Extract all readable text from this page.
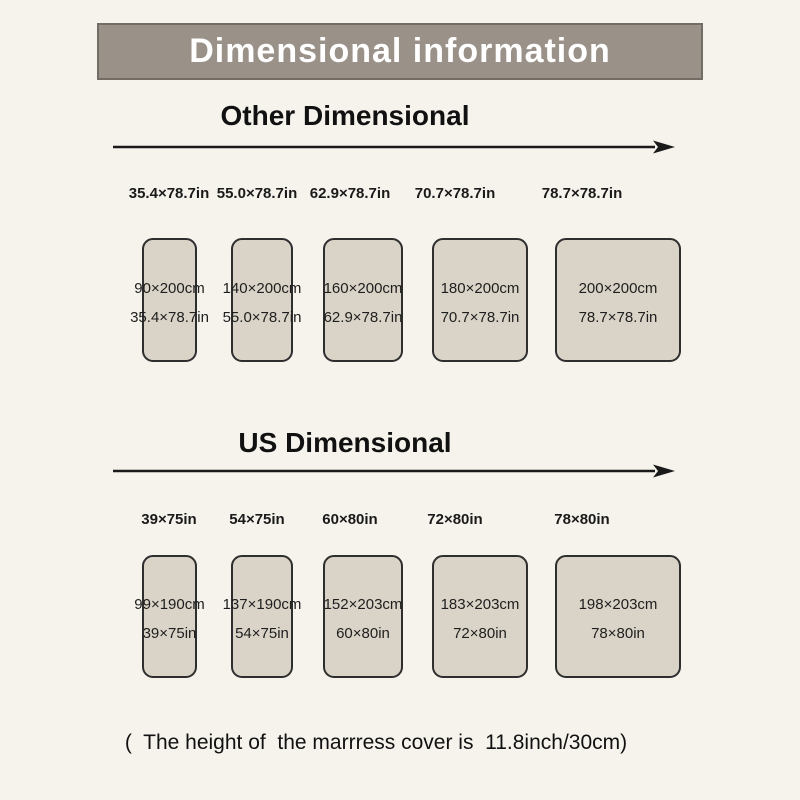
Dimensional information
Other Dimensional
35.4×78.7in 55.0×78.7in 62.9×78.7in	70.7×78.7in	78.7×78.7in
90×200cm
35.4×78.7in
140×200cm
55.0×78.7in
160×200cm
62.9×78.7in
180×200cm
70.7×78.7in
200×200cm
78.7×78.7in
US Dimensional
39×75in	54×75in	60×80in	72×80in	78×80in
99×190cm
39×75in
137×190cm
54×75in
152×203cm
60×80in
183×203cm
72×80in
198×203cm
78×80in
(  The height of  the marrress cover is  11.8inch/30cm)
